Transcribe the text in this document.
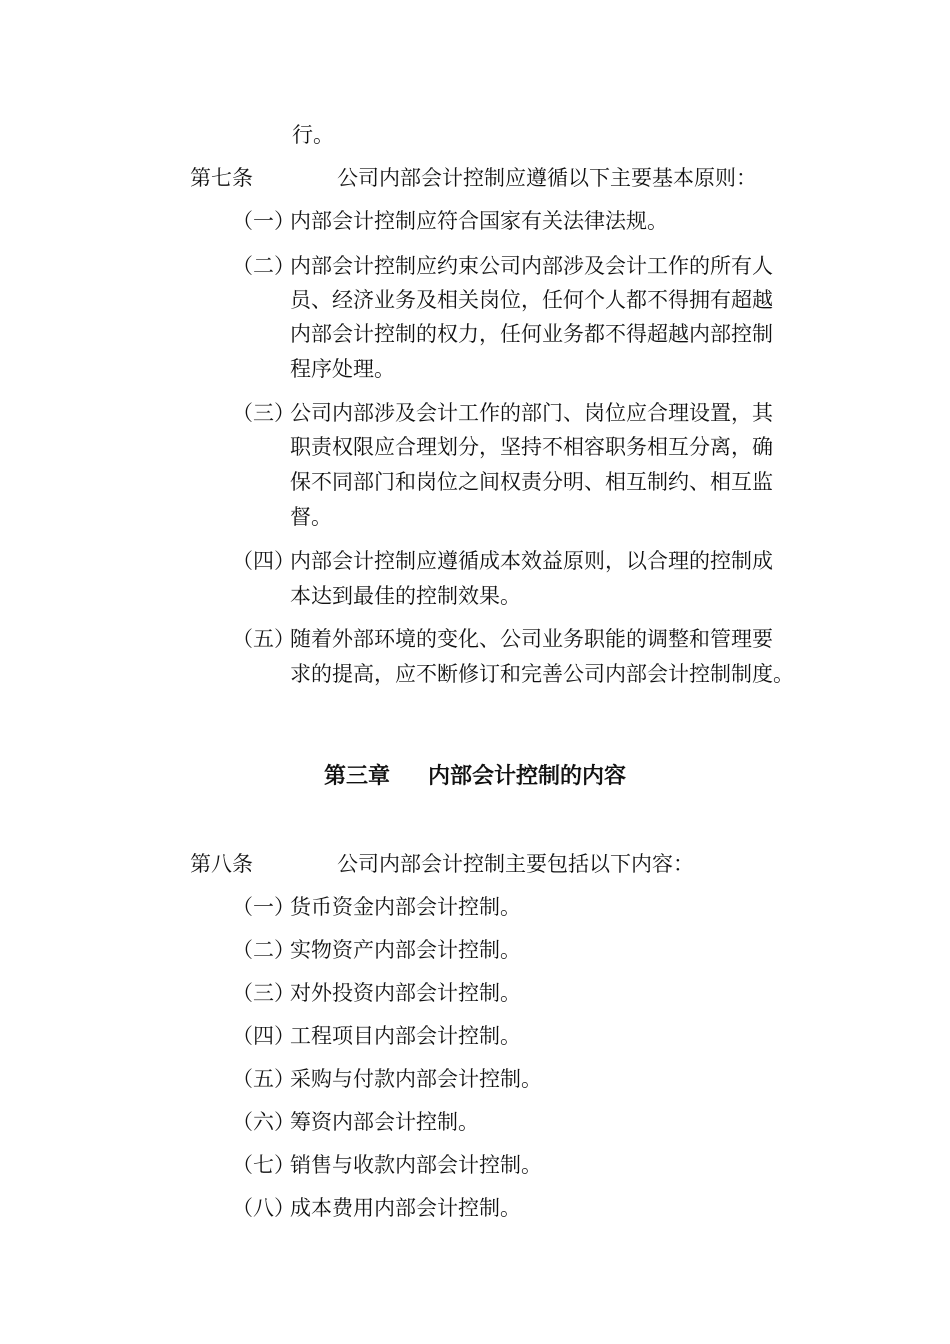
行。
第七条	公司内部会计控制应遵循以下主要基本原则：
（一）
内部会计控制应符合国家有关法律法规。
（二）
内部会计控制应约束公司内部涉及会计工作的所有人
员、经济业务及相关岗位，任何个人都不得拥有超越
内部会计控制的权力，任何业务都不得超越内部控制
程序处理。
（三）
公司内部涉及会计工作的部门、岗位应合理设置，其
职责权限应合理划分，坚持不相容职务相互分离，确
保不同部门和岗位之间权责分明、相互制约、相互监
督。
（四）
内部会计控制应遵循成本效益原则，以合理的控制成
本达到最佳的控制效果。
（五）
随着外部环境的变化、公司业务职能的调整和管理要
求的提高，应不断修订和完善公司内部会计控制制度。
第三章 内部会计控制的内容
第八条	公司内部会计控制主要包括以下内容：
（一）
货币资金内部会计控制。
（二）
实物资产内部会计控制。
（三）
对外投资内部会计控制。
（四）
工程项目内部会计控制。
（五）
采购与付款内部会计控制。
（六）
筹资内部会计控制。
（七）
销售与收款内部会计控制。
（八）
成本费用内部会计控制。
